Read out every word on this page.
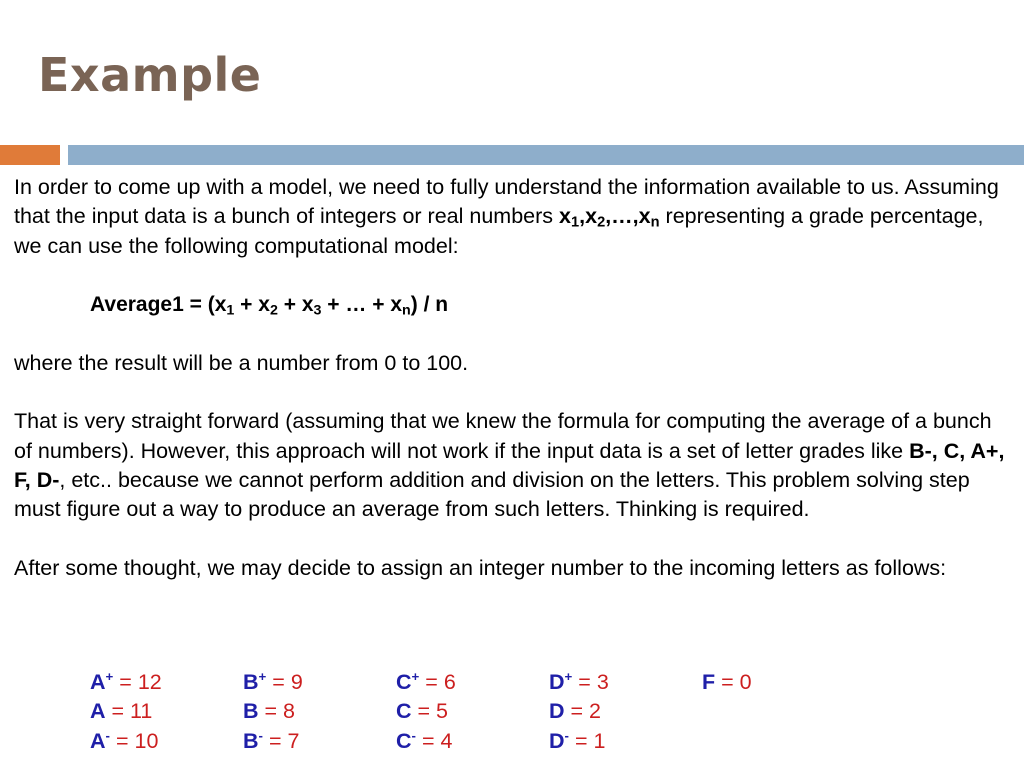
Example

In order to come up with a model, we need to fully understand the information available to us. Assuming that the input data is a bunch of integers or real numbers $x_1,x_2,\dots,x_n$ representing a grade percentage, we can use the following computational model:

Average1 = ($x_1 + x_2 + x_3$ + … + $x_n$) / n

where the result will be a number from 0 to 100.

That is very straight forward (assuming that we knew the formula for computing the average of a bunch of numbers). However, this approach will not work if the input data is a set of letter grades like B-, C, A+, F, D-, etc.. because we cannot perform addition and division on the letters. This problem solving step must figure out a way to produce an average from such letters. Thinking is required.

After some thought, we may decide to assign an integer number to the incoming letters as follows:

A+ = 12	B+ = 9	C+ = 6	D+ = 3	F = 0
A = 11	B = 8	C = 5	D = 2
A- = 10	B- = 7	C- = 4	D- = 1
